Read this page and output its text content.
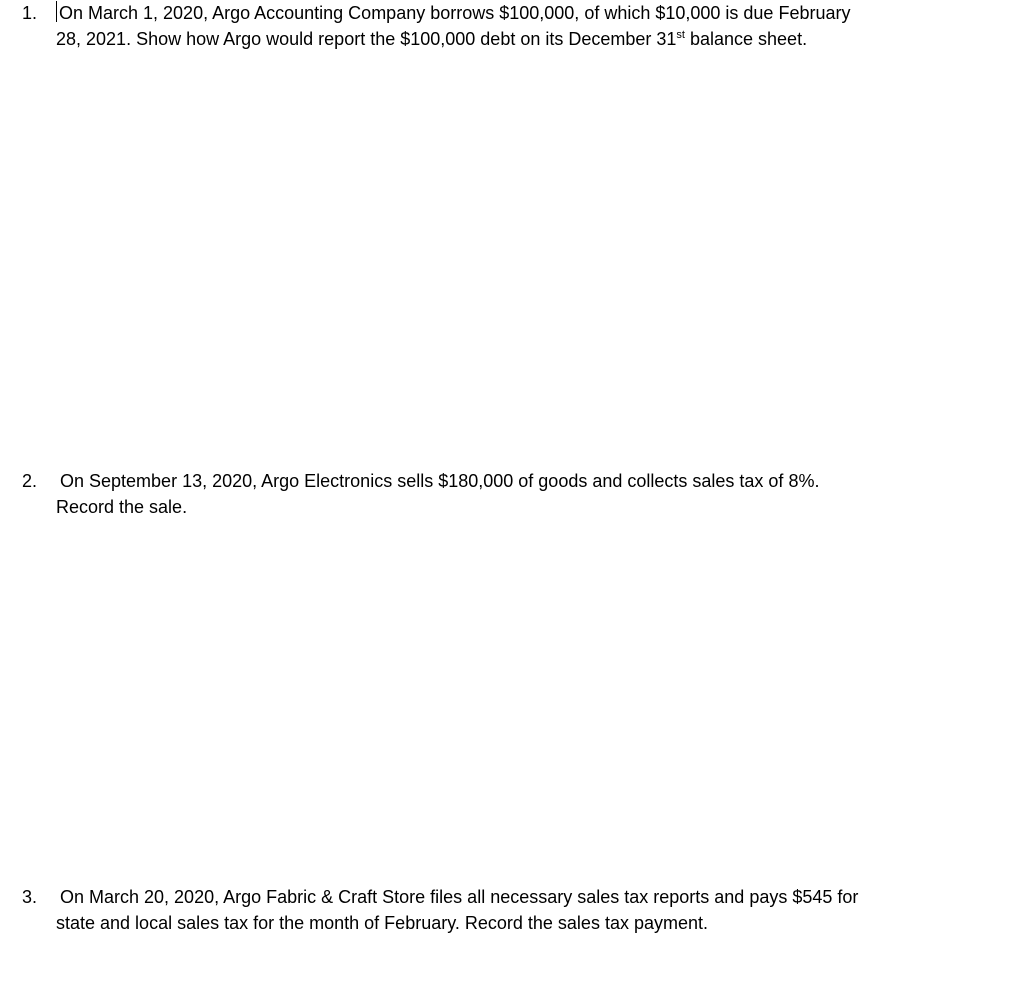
1. On March 1, 2020, Argo Accounting Company borrows $100,000, of which $10,000 is due February
28, 2021. Show how Argo would report the $100,000 debt on its December 31st balance sheet.
2. On September 13, 2020, Argo Electronics sells $180,000 of goods and collects sales tax of 8%.
Record the sale.
3. On March 20, 2020, Argo Fabric & Craft Store files all necessary sales tax reports and pays $545 for
state and local sales tax for the month of February. Record the sales tax payment.
